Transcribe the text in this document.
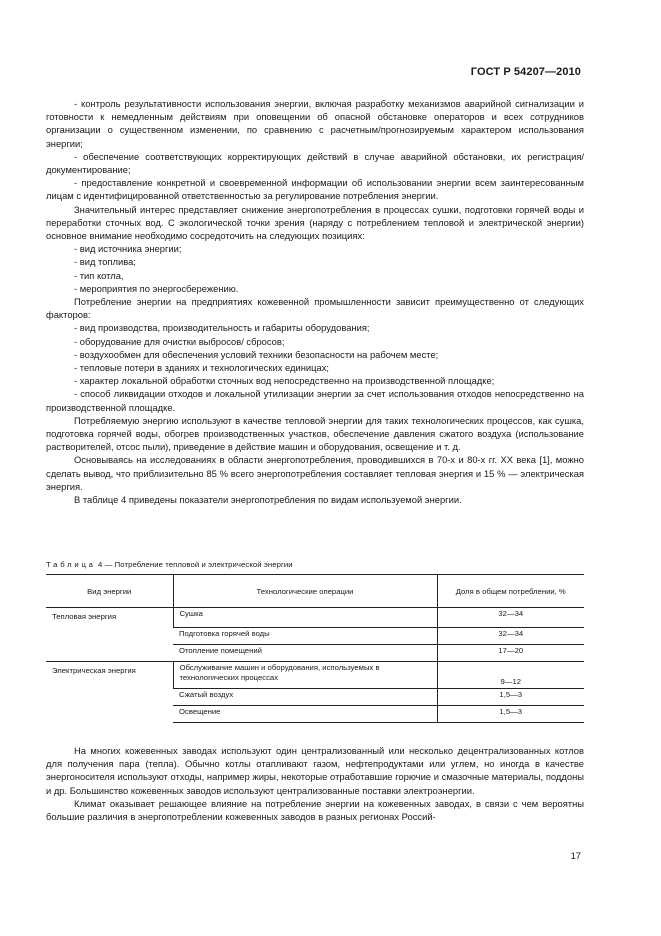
ГОСТ Р 54207—2010

- контроль результативности использования энергии, включая разработку механизмов аварийной сигнализации и готовности к немедленным действиям при оповещении об опасной обстановке операторов и всех сотрудников организации о существенном изменении, по сравнению с расчетным/прогнозируемым характером использования энергии;

- обеспечение соответствующих корректирующих действий в случае аварийной обстановки, их регистрация/документирование;

- предоставление конкретной и своевременной информации об использовании энергии всем заинтересованным лицам с идентифицированной ответственностью за регулирование потребления энергии.

Значительный интерес представляет снижение энергопотребления в процессах сушки, подготовки горячей воды и переработки сточных вод. С экологической точки зрения (наряду с потреблением тепловой и электрической энергии) основное внимание необходимо сосредоточить на следующих позициях:

- вид источника энергии;

- вид топлива;

- тип котла,

- мероприятия по энергосбережению.

Потребление энергии на предприятиях кожевенной промышленности зависит преимущественно от следующих факторов:

- вид производства, производительность и габариты оборудования;

- оборудование для очистки выбросов/ сбросов;

- воздухообмен для обеспечения условий техники безопасности на рабочем месте;

- тепловые потери в зданиях и технологических единицах;

- характер локальной обработки сточных вод непосредственно на производственной площадке;

- способ ликвидации отходов и локальной утилизации энергии за счет использования отходов непосредственно на производственной площадке.

Потребляемую энергию используют в качестве тепловой энергии для таких технологических процессов, как сушка, подготовка горячей воды, обогрев производственных участков, обеспечение давления сжатого воздуха (использование растворителей, отсос пыли), приведение в действие машин и оборудования, освещение и т. д.

Основываясь на исследованиях в области энергопотребления, проводившихся в 70-х и 80-х гг. XX века [1], можно сделать вывод, что приблизительно 85 % всего энергопотребления составляет тепловая энергия и 15 % — электрическая энергия.

В таблице 4 приведены показатели энергопотребления по видам используемой энергии.

Таблица 4 — Потребление тепловой и электрической энергии
Вид энергии	Технологические операции	Доля в общем потреблении, %
Тепловая энергия	Сушка	32—34
	Подготовка горячей воды	32—34
	Отопление помещений	17—20
Электрическая энергия	Обслуживание машин и оборудования, используемых в технологических процессах	9—12
	Сжатый воздух	1,5—3
	Освещение	1,5—3

На многих кожевенных заводах используют один централизованный или несколько децентрализованных котлов для получения пара (тепла). Обычно котлы отапливают газом, нефтепродуктами или углем, но иногда в качестве энергоносителя используют отходы, например жиры, некоторые отработавшие горючие и смазочные материалы, поддоны и др. Большинство кожевенных заводов используют централизованные поставки электроэнергии.

Климат оказывает решающее влияние на потребление энергии на кожевенных заводах, в связи с чем вероятны большие различия в энергопотреблении кожевенных заводов в разных регионах Россий-

17
